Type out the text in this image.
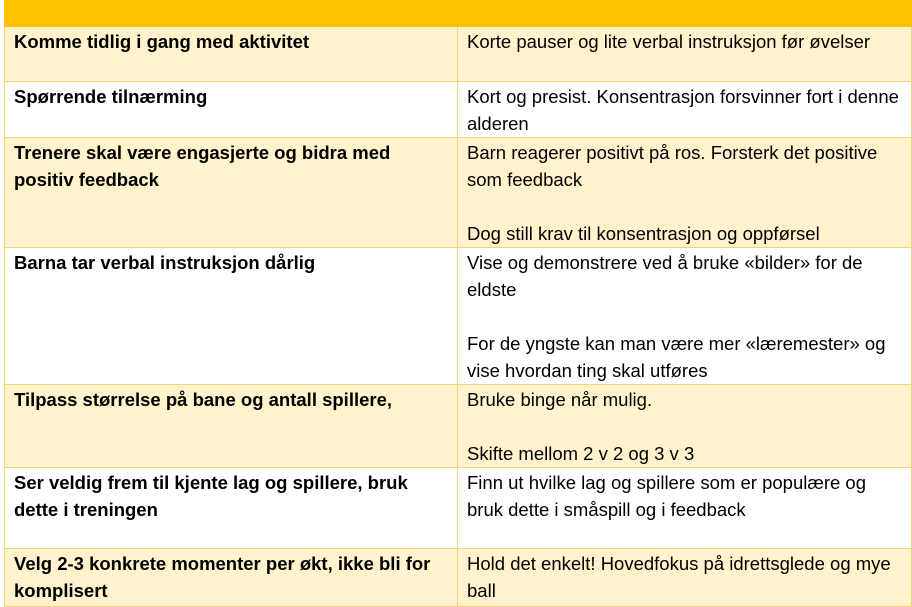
Komme tidlig i gang med aktivitet	Korte pauser og lite verbal instruksjon før øvelser

Spørrende tilnærming	Kort og presist. Konsentrasjon forsvinner fort i denne alderen

Trenere skal være engasjerte og bidra med positiv feedback	Barn reagerer positivt på ros. Forsterk det positive som feedback
Dog still krav til konsentrasjon og oppførsel

Barna tar verbal instruksjon dårlig	Vise og demonstrere ved å bruke «bilder» for de eldste
For de yngste kan man være mer «læremester» og vise hvordan ting skal utføres

Tilpass størrelse på bane og antall spillere,	Bruke binge når mulig.
Skifte mellom 2 v 2 og 3 v 3

Ser veldig frem til kjente lag og spillere, bruk dette i treningen	Finn ut hvilke lag og spillere som er populære og bruk dette i småspill og i feedback

Velg 2-3 konkrete momenter per økt, ikke bli for komplisert	Hold det enkelt! Hovedfokus på idrettsglede og mye ball
